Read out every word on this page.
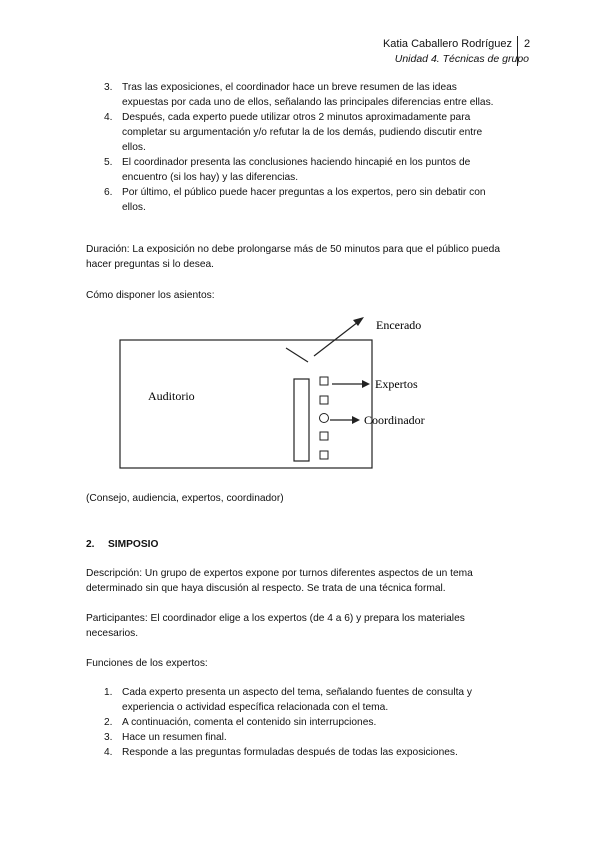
Katia Caballero Rodríguez 2
Unidad 4. Técnicas de grupo
3. Tras las exposiciones, el coordinador hace un breve resumen de las ideas expuestas por cada uno de ellos, señalando las principales diferencias entre ellas.
4. Después, cada experto puede utilizar otros 2 minutos aproximadamente para completar su argumentación y/o refutar la de los demás, pudiendo discutir entre ellos.
5. El coordinador presenta las conclusiones haciendo hincapié en los puntos de encuentro (si los hay) y las diferencias.
6. Por último, el público puede hacer preguntas a los expertos, pero sin debatir con ellos.

Duración: La exposición no debe prolongarse más de 50 minutos para que el público pueda hacer preguntas si lo desea.

Cómo disponer los asientos:

Encerado
Expertos
Coordinador
Auditorio

(Consejo, audiencia, expertos, coordinador)

2. SIMPOSIO

Descripción: Un grupo de expertos expone por turnos diferentes aspectos de un tema determinado sin que haya discusión al respecto. Se trata de una técnica formal.

Participantes: El coordinador elige a los expertos (de 4 a 6) y prepara los materiales necesarios.

Funciones de los expertos:

1. Cada experto presenta un aspecto del tema, señalando fuentes de consulta y experiencia o actividad específica relacionada con el tema.
2. A continuación, comenta el contenido sin interrupciones.
3. Hace un resumen final.
4. Responde a las preguntas formuladas después de todas las exposiciones.
